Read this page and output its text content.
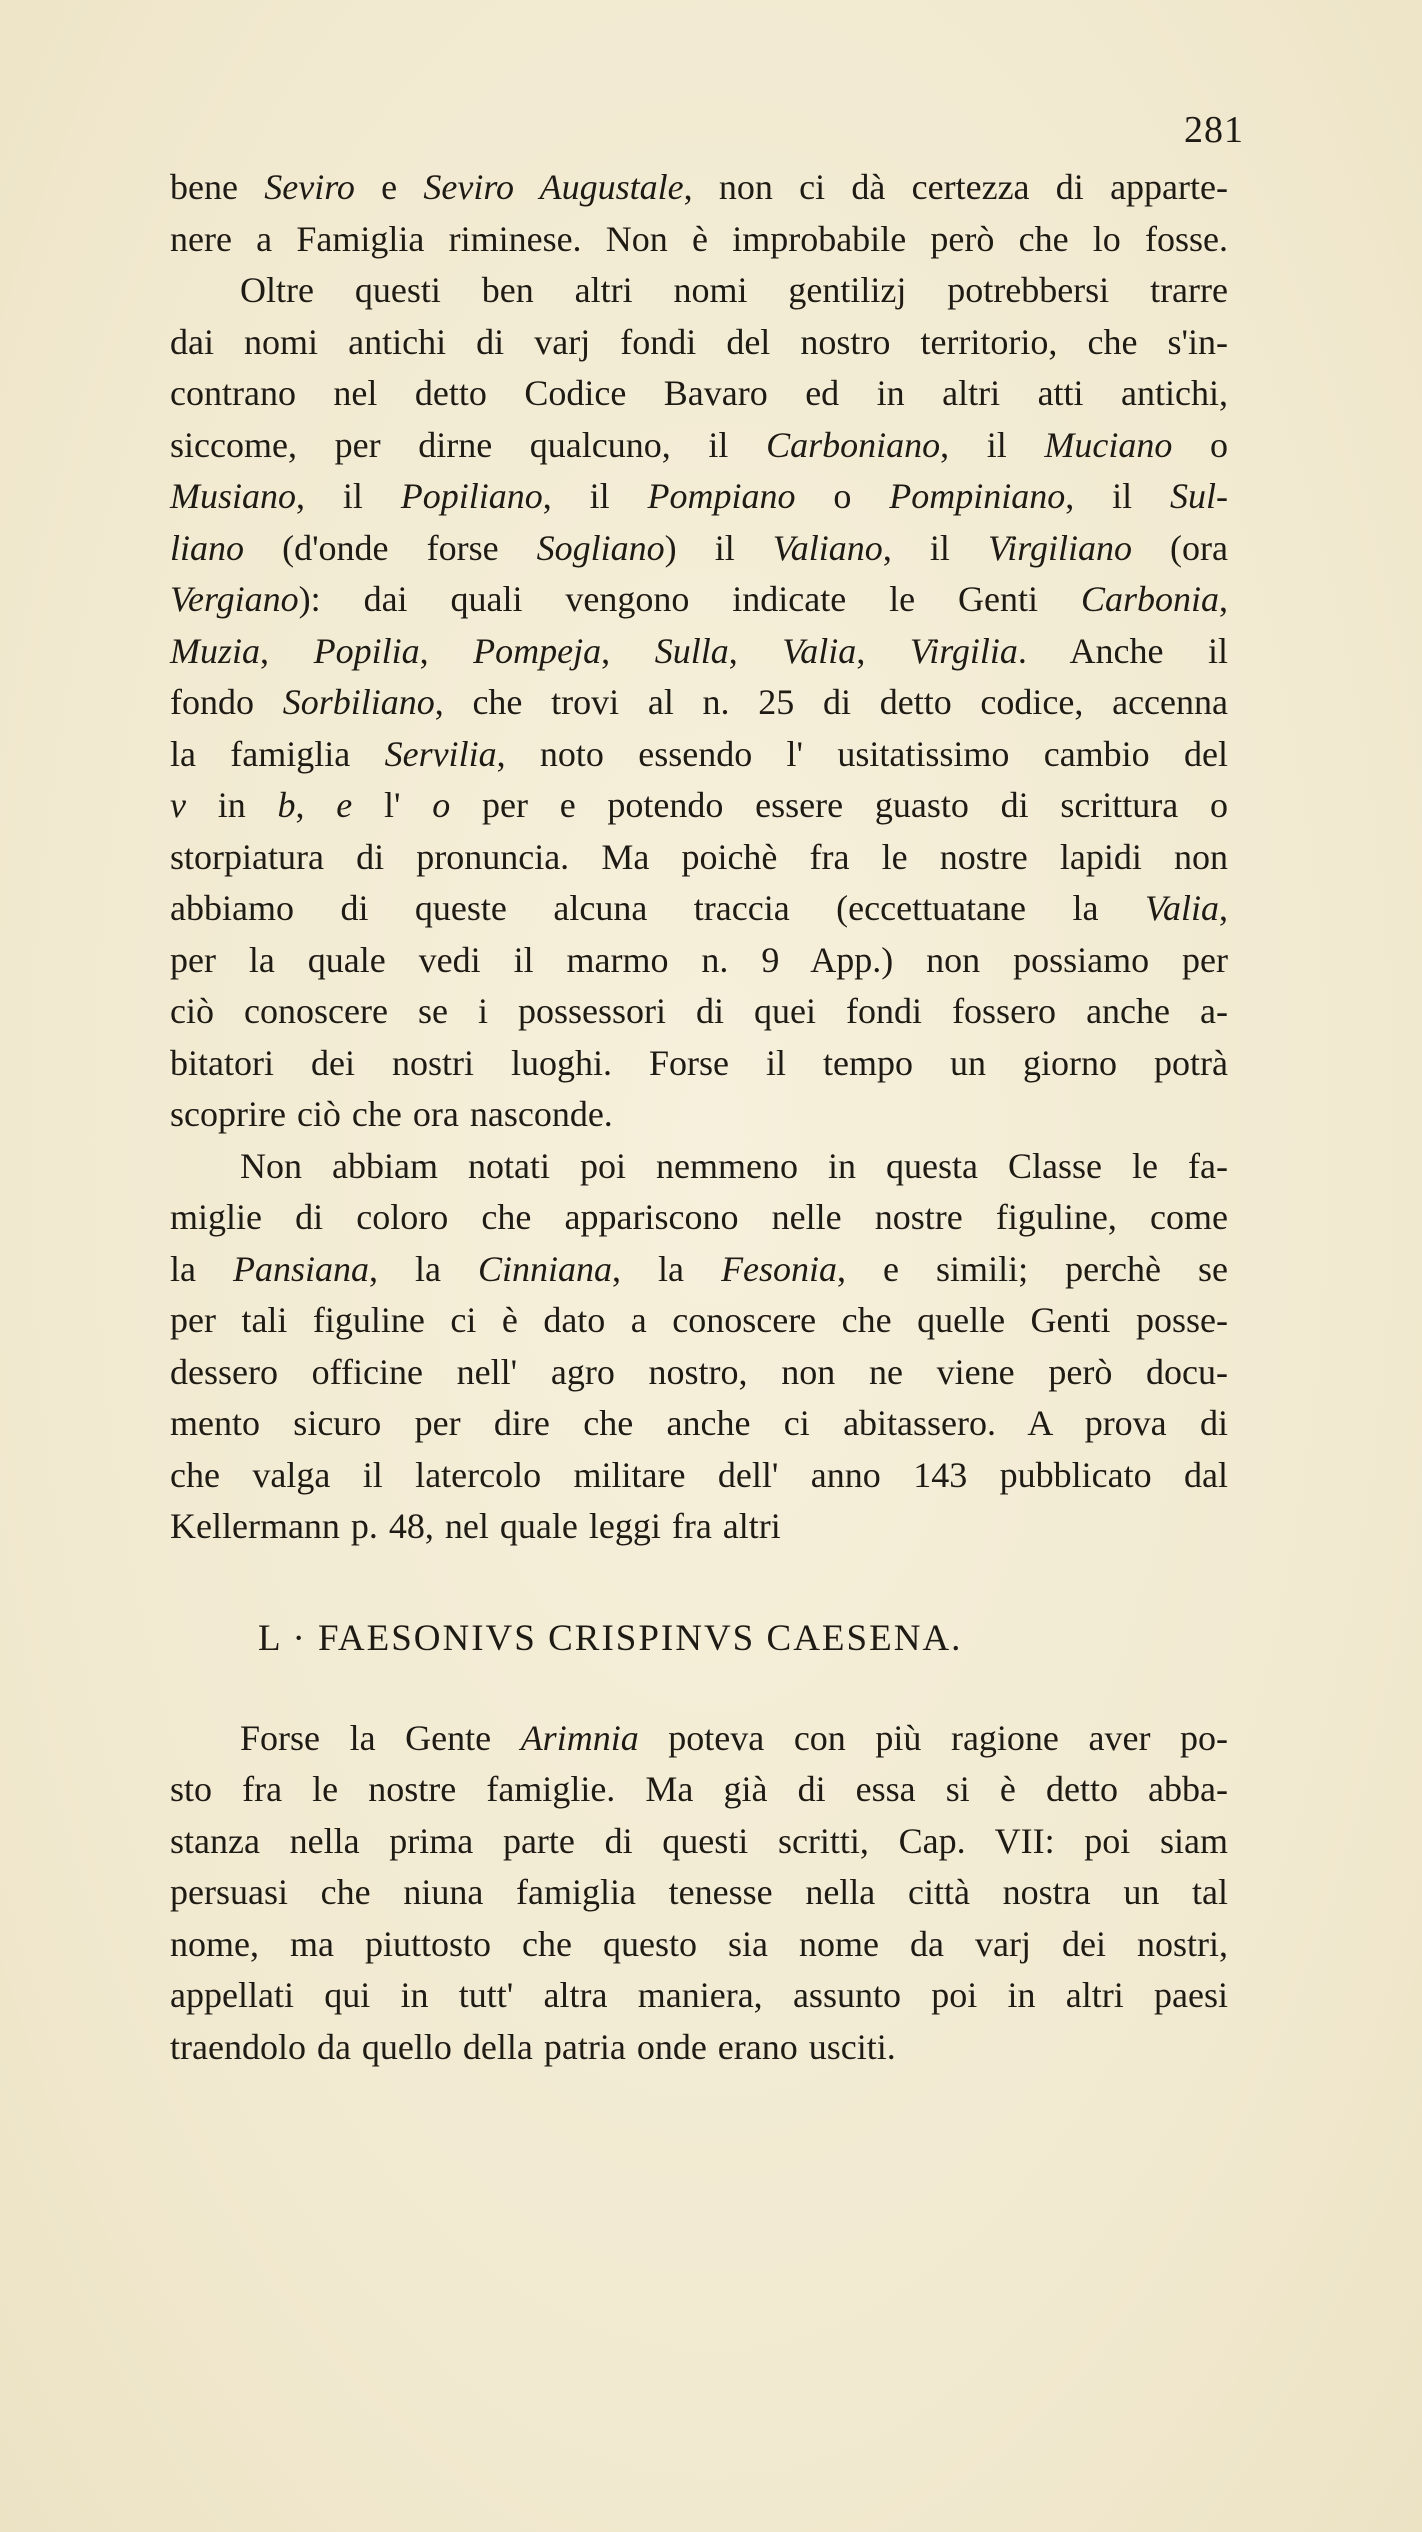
281
bene Seviro e Seviro Augustale, non ci dà certezza di apparte-
nere a Famiglia riminese. Non è improbabile però che lo fosse.
Oltre questi ben altri nomi gentilizj potrebbersi trarre
dai nomi antichi di varj fondi del nostro territorio, che s'in-
contrano nel detto Codice Bavaro ed in altri atti antichi,
siccome, per dirne qualcuno, il Carboniano, il Muciano o
Musiano, il Popiliano, il Pompiano o Pompiniano, il Sul-
liano (d'onde forse Sogliano) il Valiano, il Virgiliano (ora
Vergiano): dai quali vengono indicate le Genti Carbonia,
Muzia, Popilia, Pompeja, Sulla, Valia, Virgilia. Anche il
fondo Sorbiliano, che trovi al n. 25 di detto codice, accenna
la famiglia Servilia, noto essendo l' usitatissimo cambio del
v in b, e l' o per e potendo essere guasto di scrittura o
storpiatura di pronuncia. Ma poichè fra le nostre lapidi non
abbiamo di queste alcuna traccia (eccettuatane la Valia,
per la quale vedi il marmo n. 9 App.) non possiamo per
ciò conoscere se i possessori di quei fondi fossero anche a-
bitatori dei nostri luoghi. Forse il tempo un giorno potrà
scoprire ciò che ora nasconde.
Non abbiam notati poi nemmeno in questa Classe le fa-
miglie di coloro che appariscono nelle nostre figuline, come
la Pansiana, la Cinniana, la Fesonia, e simili; perchè se
per tali figuline ci è dato a conoscere che quelle Genti posse-
dessero officine nell' agro nostro, non ne viene però docu-
mento sicuro per dire che anche ci abitassero. A prova di
che valga il latercolo militare dell' anno 143 pubblicato dal
Kellermann p. 48, nel quale leggi fra altri
L · FAESONIVS CRISPINVS CAESENA.
Forse la Gente Arimnia poteva con più ragione aver po-
sto fra le nostre famiglie. Ma già di essa si è detto abba-
stanza nella prima parte di questi scritti, Cap. VII: poi siam
persuasi che niuna famiglia tenesse nella città nostra un tal
nome, ma piuttosto che questo sia nome da varj dei nostri,
appellati qui in tutt' altra maniera, assunto poi in altri paesi
traendolo da quello della patria onde erano usciti.
